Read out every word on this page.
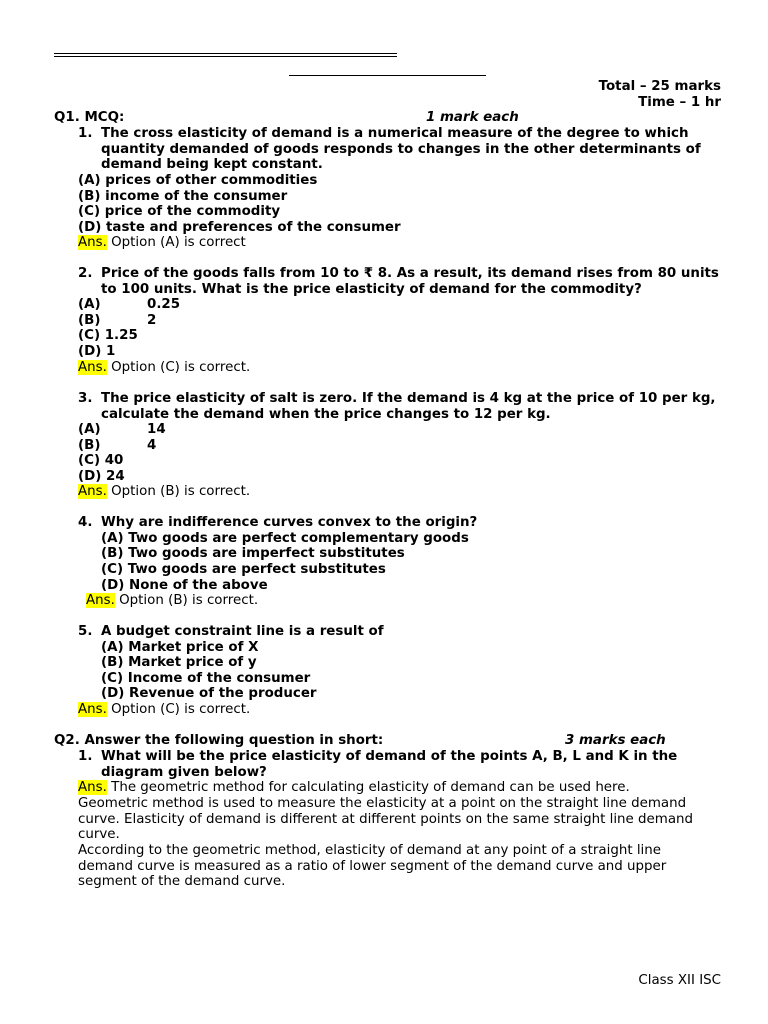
Total – 25 marks
Time – 1 hr
Q1. MCQ:	1 mark each
1. The cross elasticity of demand is a numerical measure of the degree to which quantity demanded of goods responds to changes in the other determinants of demand being kept constant.
(A) prices of other commodities
(B) income of the consumer
(C) price of the commodity
(D) taste and preferences of the consumer
Ans. Option (A) is correct
2. Price of the goods falls from 10 to ₹ 8. As a result, its demand rises from 80 units to 100 units. What is the price elasticity of demand for the commodity?
(A)	0.25
(B)	2
(C) 1.25
(D) 1
Ans. Option (C) is correct.
3. The price elasticity of salt is zero. If the demand is 4 kg at the price of 10 per kg, calculate the demand when the price changes to 12 per kg.
(A)	14
(B)	4
(C) 40
(D) 24
Ans. Option (B) is correct.
4. Why are indifference curves convex to the origin?
(A) Two goods are perfect complementary goods
(B) Two goods are imperfect substitutes
(C) Two goods are perfect substitutes
(D) None of the above
Ans. Option (B) is correct.
5. A budget constraint line is a result of
(A) Market price of X
(B) Market price of y
(C) Income of the consumer
(D) Revenue of the producer
Ans. Option (C) is correct.
Q2. Answer the following question in short:	3 marks each
1. What will be the price elasticity of demand of the points A, B, L and K in the diagram given below?
Ans. The geometric method for calculating elasticity of demand can be used here.
Geometric method is used to measure the elasticity at a point on the straight line demand curve. Elasticity of demand is different at different points on the same straight line demand curve.
According to the geometric method, elasticity of demand at any point of a straight line demand curve is measured as a ratio of lower segment of the demand curve and upper segment of the demand curve.
Class XII ISC
